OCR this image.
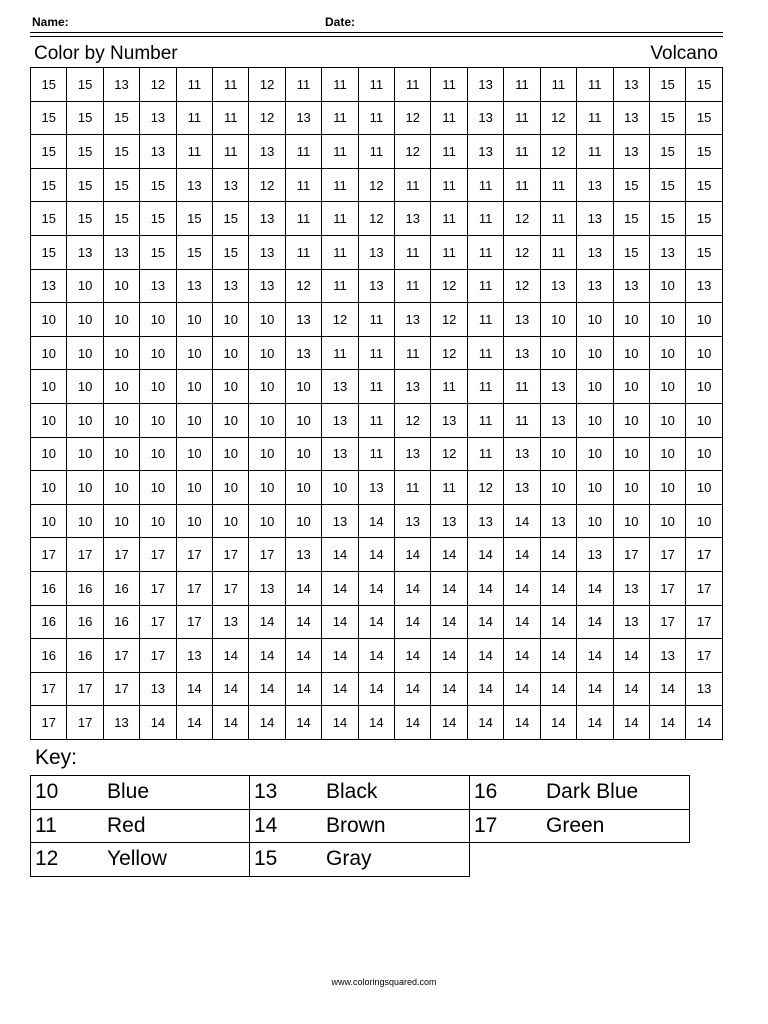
Name:	Date:
Color by Number	Volcano
15	15	13	12	11	11	12	11	11	11	11	11	13	11	11	11	13	15	15
15	15	15	13	11	11	12	13	11	11	12	11	13	11	12	11	13	15	15
15	15	15	13	11	11	13	11	11	11	12	11	13	11	12	11	13	15	15
15	15	15	15	13	13	12	11	11	12	11	11	11	11	11	13	15	15	15
15	15	15	15	15	15	13	11	11	12	13	11	11	12	11	13	15	15	15
15	13	13	15	15	15	13	11	11	13	11	11	11	12	11	13	15	13	15
13	10	10	13	13	13	13	12	11	13	11	12	11	12	13	13	13	10	13
10	10	10	10	10	10	10	13	12	11	13	12	11	13	10	10	10	10	10
10	10	10	10	10	10	10	13	11	11	11	12	11	13	10	10	10	10	10
10	10	10	10	10	10	10	10	13	11	13	11	11	11	13	10	10	10	10
10	10	10	10	10	10	10	10	13	11	12	13	11	11	13	10	10	10	10
10	10	10	10	10	10	10	10	13	11	13	12	11	13	10	10	10	10	10
10	10	10	10	10	10	10	10	10	13	11	11	12	13	10	10	10	10	10
10	10	10	10	10	10	10	10	13	14	13	13	13	14	13	10	10	10	10
17	17	17	17	17	17	17	13	14	14	14	14	14	14	14	13	17	17	17
16	16	16	17	17	17	13	14	14	14	14	14	14	14	14	14	13	17	17
16	16	16	17	17	13	14	14	14	14	14	14	14	14	14	14	13	17	17
16	16	17	17	13	14	14	14	14	14	14	14	14	14	14	14	14	13	17
17	17	17	13	14	14	14	14	14	14	14	14	14	14	14	14	14	14	13
17	17	13	14	14	14	14	14	14	14	14	14	14	14	14	14	14	14	14
Key:
10 Blue	13 Black	16 Dark Blue
11 Red	14 Brown	17 Green
12 Yellow	15 Gray	
www.coloringsquared.com
